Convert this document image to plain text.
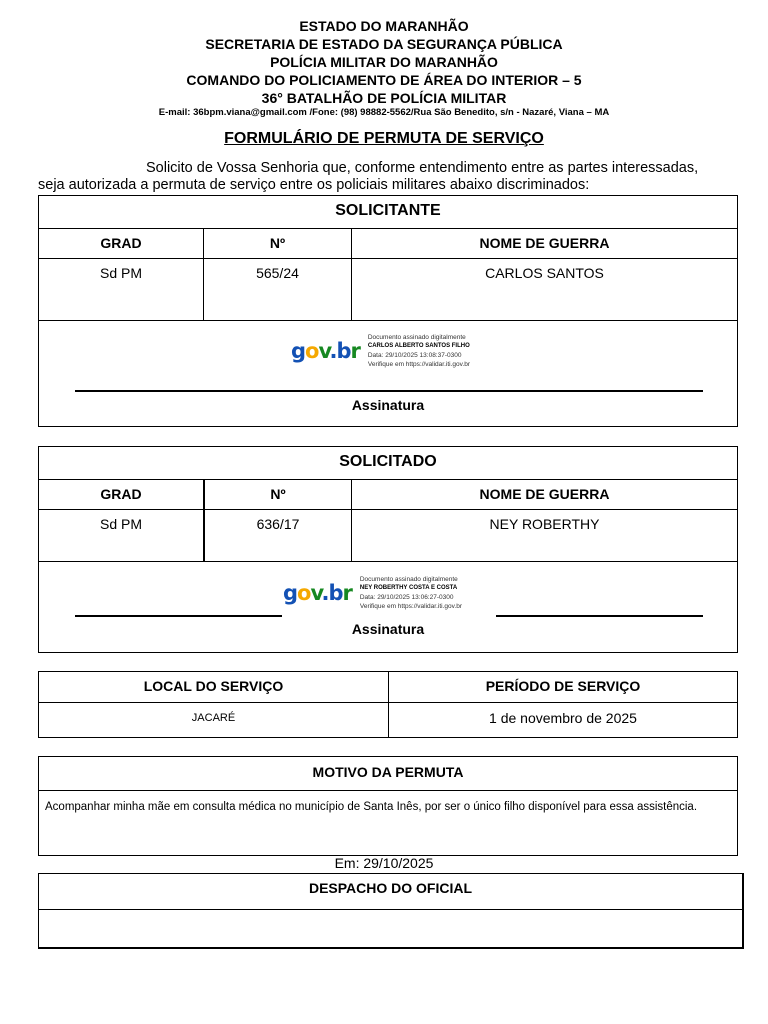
ESTADO DO MARANHÃO
SECRETARIA DE ESTADO DA SEGURANÇA PÚBLICA
POLÍCIA MILITAR DO MARANHÃO
COMANDO DO POLICIAMENTO DE ÁREA DO INTERIOR – 5
36° BATALHÃO DE POLÍCIA MILITAR
E-mail: 36bpm.viana@gmail.com /Fone: (98) 98882-5562/Rua São Benedito, s/n - Nazaré, Viana – MA
FORMULÁRIO DE PERMUTA DE SERVIÇO
Solicito de Vossa Senhoria que, conforme entendimento entre as partes interessadas,
seja autorizada a permuta de serviço entre os policiais militares abaixo discriminados:
SOLICITANTE
GRAD	Nº	NOME DE GUERRA
Sd PM	565/24	CARLOS SANTOS
gov.br
Documento assinado digitalmente
CARLOS ALBERTO SANTOS FILHO
Data: 29/10/2025 13:08:37-0300
Verifique em https://validar.iti.gov.br
Assinatura
SOLICITADO
GRAD	Nº	NOME DE GUERRA
Sd PM	636/17	NEY ROBERTHY
Assinatura
gov.br
Documento assinado digitalmente
NEY ROBERTHY COSTA E COSTA
Data: 29/10/2025 13:06:27-0300
Verifique em https://validar.iti.gov.br
LOCAL DO SERVIÇO	PERÍODO DE SERVIÇO
JACARÉ	1 de novembro de 2025
MOTIVO DA PERMUTA
Acompanhar minha mãe em consulta médica no município de Santa Inês, por ser o único filho disponível para essa assistência.
Em: 29/10/2025
DESPACHO DO OFICIAL
